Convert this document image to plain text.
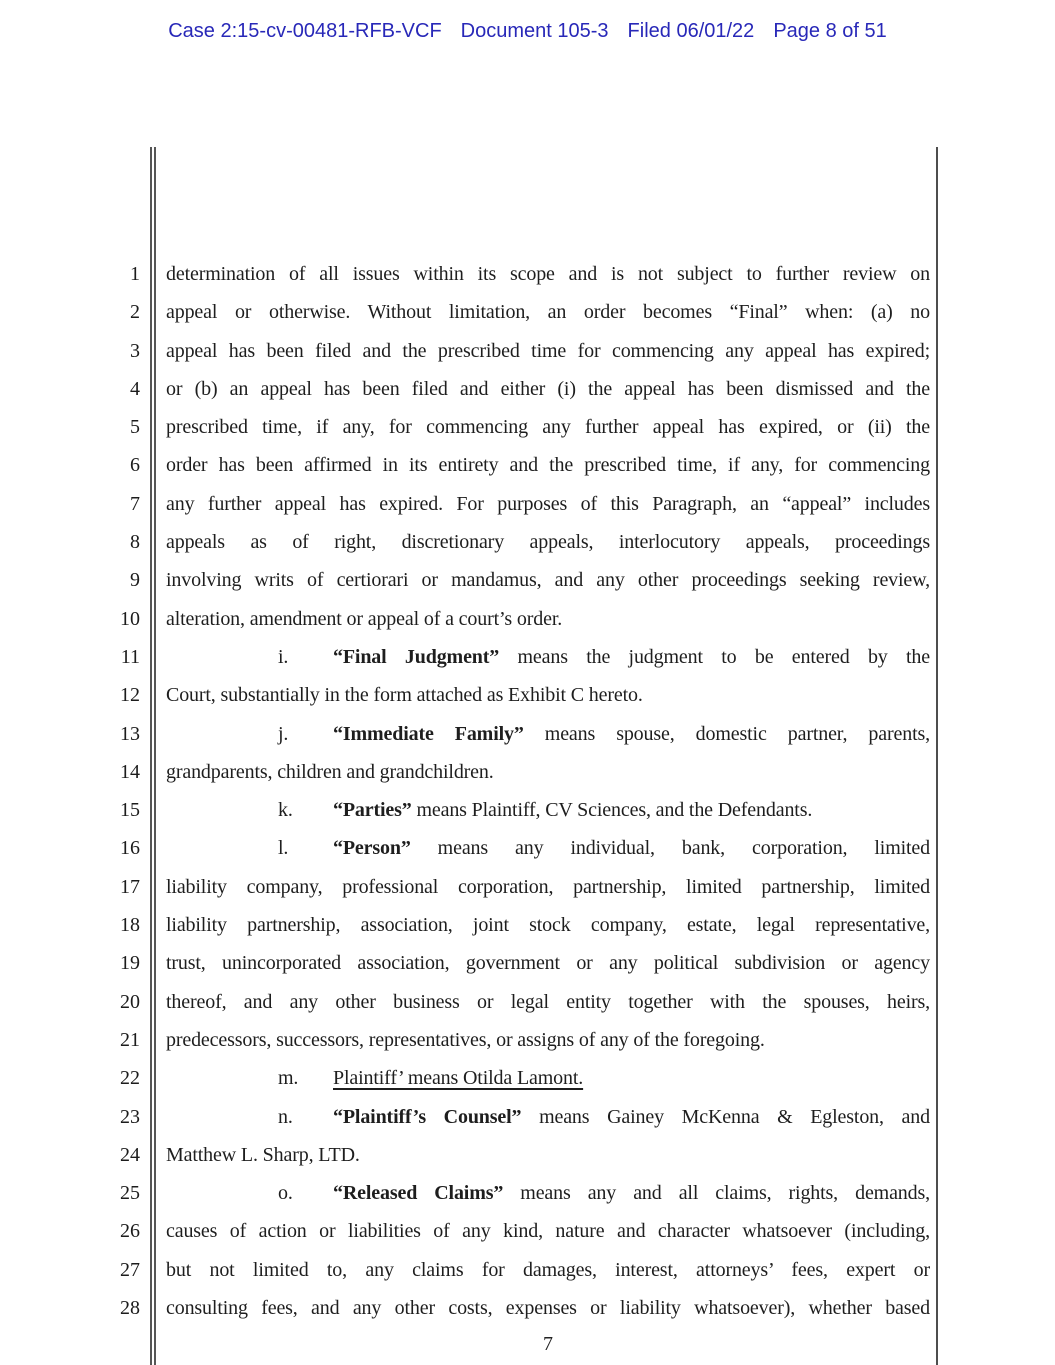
Case 2:15-cv-00481-RFB-VCF Document 105-3 Filed 06/01/22 Page 8 of 51
1
2
3
4
5
6
7
8
9
10
11
12
13
14
15
16
17
18
19
20
21
22
23
24
25
26
27
28
determination of all issues within its scope and is not subject to further review on
appeal or otherwise. Without limitation, an order becomes “Final” when: (a) no
appeal has been filed and the prescribed time for commencing any appeal has expired;
or (b) an appeal has been filed and either (i) the appeal has been dismissed and the
prescribed time, if any, for commencing any further appeal has expired, or (ii) the
order has been affirmed in its entirety and the prescribed time, if any, for commencing
any further appeal has expired. For purposes of this Paragraph, an “appeal” includes
appeals as of right, discretionary appeals, interlocutory appeals, proceedings
involving writs of certiorari or mandamus, and any other proceedings seeking review,
alteration, amendment or appeal of a court’s order.
i. “Final Judgment” means the judgment to be entered by the
Court, substantially in the form attached as Exhibit C hereto.
j. “Immediate Family” means spouse, domestic partner, parents,
grandparents, children and grandchildren.
k. “Parties” means Plaintiff, CV Sciences, and the Defendants.
l. “Person” means any individual, bank, corporation, limited
liability company, professional corporation, partnership, limited partnership, limited
liability partnership, association, joint stock company, estate, legal representative,
trust, unincorporated association, government or any political subdivision or agency
thereof, and any other business or legal entity together with the spouses, heirs,
predecessors, successors, representatives, or assigns of any of the foregoing.
m. Plaintiff’ means Otilda Lamont.
n. “Plaintiff’s Counsel” means Gainey McKenna & Egleston, and
Matthew L. Sharp, LTD.
o. “Released Claims” means any and all claims, rights, demands,
causes of action or liabilities of any kind, nature and character whatsoever (including,
but not limited to, any claims for damages, interest, attorneys’ fees, expert or
consulting fees, and any other costs, expenses or liability whatsoever), whether based
7
